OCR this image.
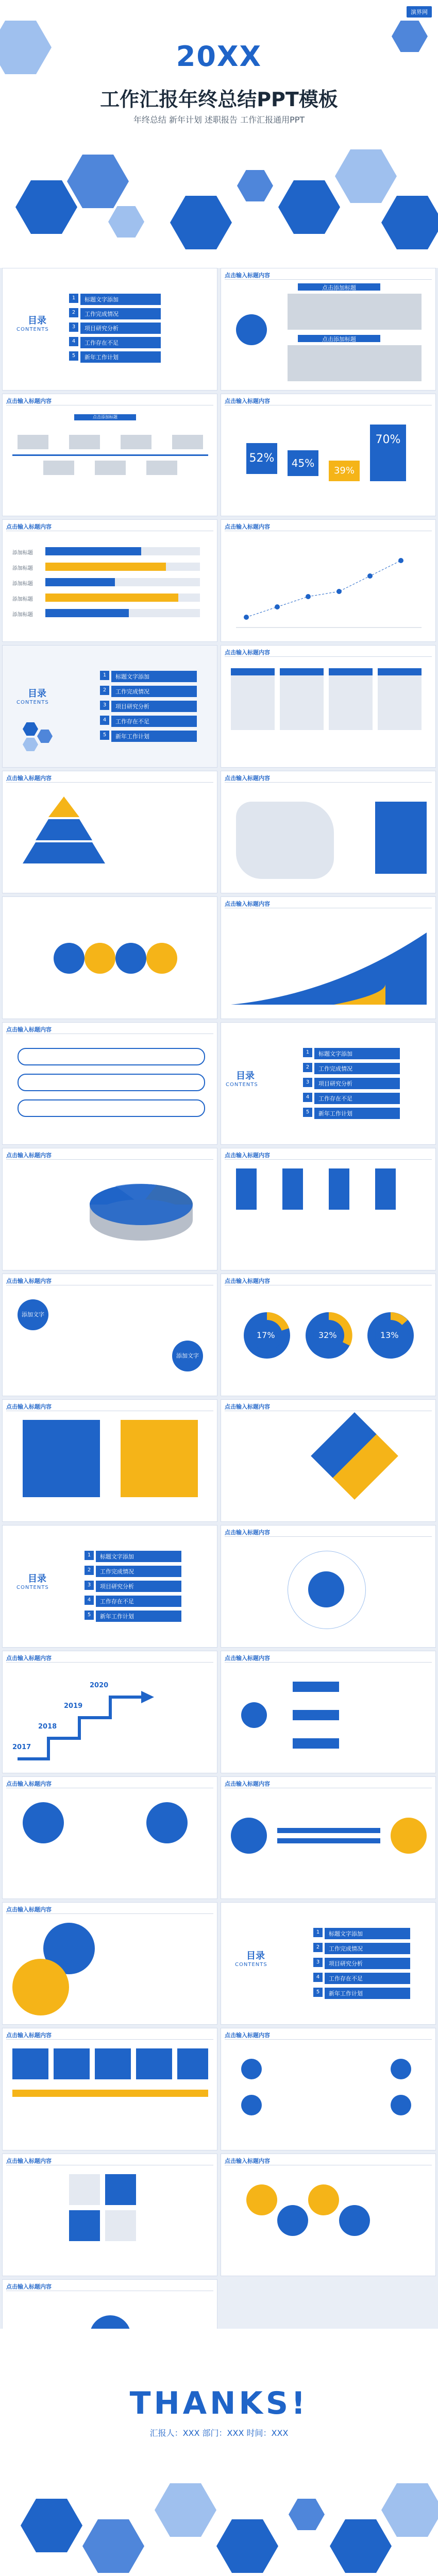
演界网
20XX
工作汇报年终总结PPT模板
年终总结 新年计划 述职报告 工作汇报通用PPT
目录
CONTENTS
1	标题文字添加
2	工作完成情况
3	项目研究分析
4	工作存在不足
5	新年工作计划
点击输入标题内容
点击添加标题
点击添加标题
点击输入标题内容
点击添加标题
点击输入标题内容
52%	45%
39%
70%
点击输入标题内容
添加标题
添加标题
添加标题
添加标题
添加标题
点击输入标题内容
目录
CONTENTS
1	标题文字添加
2	工作完成情况
3	项目研究分析
4	工作存在不足
5	新年工作计划
点击输入标题内容
点击输入标题内容	点击输入标题内容
点击输入标题内容
点击输入标题内容
目录
CONTENTS
1	标题文字添加
2	工作完成情况
3	项目研究分析
4	工作存在不足
5	新年工作计划
点击输入标题内容	点击输入标题内容
点击输入标题内容
添加文字
添加文字
点击输入标题内容
17%	32%	13%
点击输入标题内容	点击输入标题内容
目录
CONTENTS
1	标题文字添加
2	工作完成情况
3	项目研究分析
4	工作存在不足
5	新年工作计划
点击输入标题内容
点击输入标题内容
2017
2018
2019
2020
点击输入标题内容
点击输入标题内容	点击输入标题内容
点击输入标题内容
目录
CONTENTS
1	标题文字添加
2	工作完成情况
3	项目研究分析
4	工作存在不足
5	新年工作计划
点击输入标题内容	点击输入标题内容
点击输入标题内容	点击输入标题内容
点击输入标题内容
THANKS!
汇报人：XXX 部门：XXX 时间：XXX
